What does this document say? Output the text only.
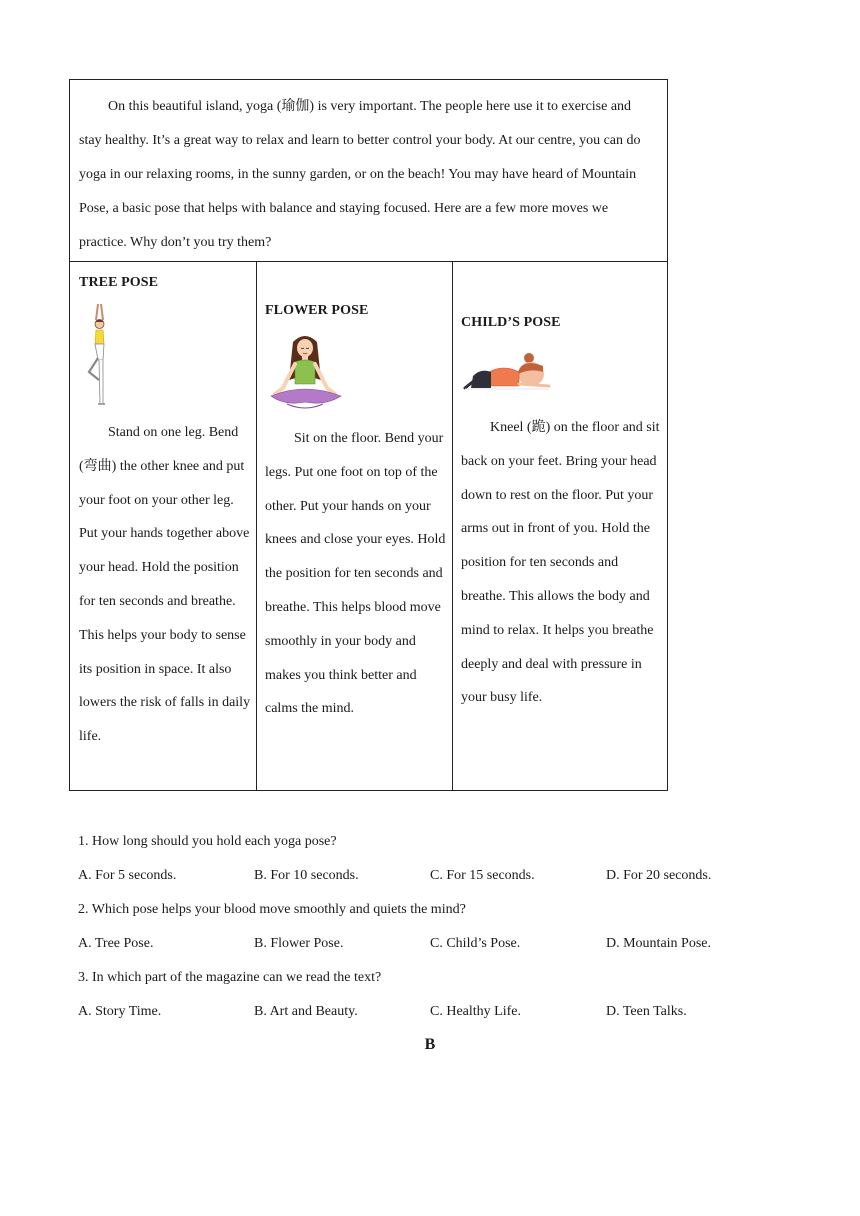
On this beautiful island, yoga (瑜伽) is very important. The people here use it to exercise and stay healthy. It’s a great way to relax and learn to better control your body. At our centre, you can do yoga in our relaxing rooms, in the sunny garden, or on the beach! You may have heard of Mountain Pose, a basic pose that helps with balance and staying focused. Here are a few more moves we practice. Why don’t you try them?
TREE POSE
Stand on one leg. Bend (弯曲) the other knee and put your foot on your other leg. Put your hands together above your head. Hold the position for ten seconds and breathe. This helps your body to sense its position in space. It also lowers the risk of falls in daily life.
FLOWER POSE
Sit on the floor. Bend your legs. Put one foot on top of the other. Put your hands on your knees and close your eyes. Hold the position for ten seconds and breathe. This helps blood move smoothly in your body and makes you think better and calms the mind.
CHILD’S POSE
Kneel (跪) on the floor and sit back on your feet. Bring your head down to rest on the floor. Put your arms out in front of you. Hold the position for ten seconds and breathe. This allows the body and mind to relax. It helps you breathe deeply and deal with pressure in your busy life.
1. How long should you hold each yoga pose?
A. For 5 seconds.	B. For 10 seconds.	C. For 15 seconds.	D. For 20 seconds.
2. Which pose helps your blood move smoothly and quiets the mind?
A. Tree Pose.	B. Flower Pose.	C. Child’s Pose.	D. Mountain Pose.
3. In which part of the magazine can we read the text?
A. Story Time.	B. Art and Beauty.	C. Healthy Life.	D. Teen Talks.
B
